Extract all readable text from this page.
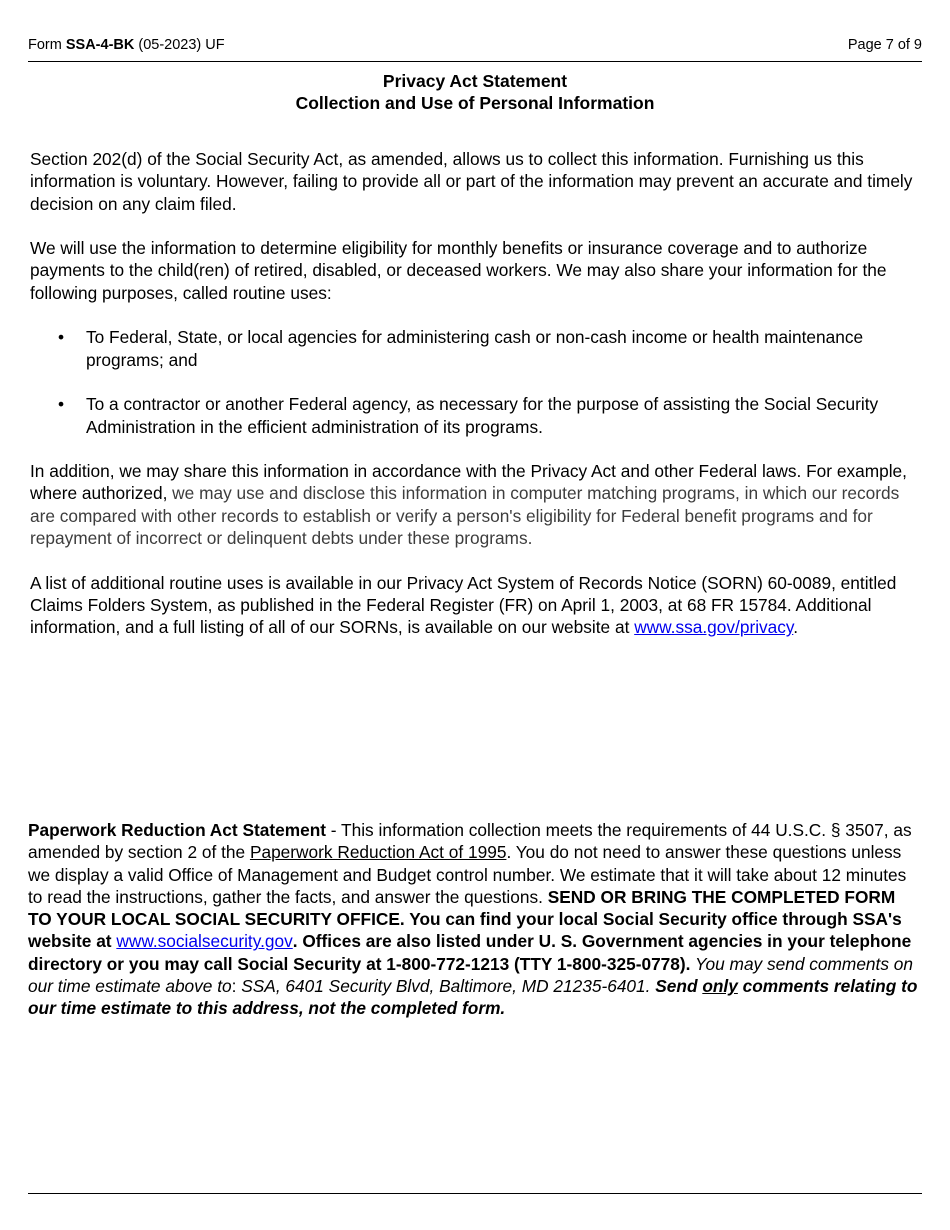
Form SSA-4-BK (05-2023) UF	Page 7 of 9
Privacy Act Statement
Collection and Use of Personal Information

Section 202(d) of the Social Security Act, as amended, allows us to collect this information. Furnishing us this information is voluntary. However, failing to provide all or part of the information may prevent an accurate and timely decision on any claim filed.

We will use the information to determine eligibility for monthly benefits or insurance coverage and to authorize payments to the child(ren) of retired, disabled, or deceased workers. We may also share your information for the following purposes, called routine uses:

• To Federal, State, or local agencies for administering cash or non-cash income or health maintenance programs; and
• To a contractor or another Federal agency, as necessary for the purpose of assisting the Social Security Administration in the efficient administration of its programs.

In addition, we may share this information in accordance with the Privacy Act and other Federal laws. For example, where authorized, we may use and disclose this information in computer matching programs, in which our records are compared with other records to establish or verify a person's eligibility for Federal benefit programs and for repayment of incorrect or delinquent debts under these programs.

A list of additional routine uses is available in our Privacy Act System of Records Notice (SORN) 60-0089, entitled Claims Folders System, as published in the Federal Register (FR) on April 1, 2003, at 68 FR 15784. Additional information, and a full listing of all of our SORNs, is available on our website at www.ssa.gov/privacy.

Paperwork Reduction Act Statement - This information collection meets the requirements of 44 U.S.C. § 3507, as amended by section 2 of the Paperwork Reduction Act of 1995. You do not need to answer these questions unless we display a valid Office of Management and Budget control number. We estimate that it will take about 12 minutes to read the instructions, gather the facts, and answer the questions. SEND OR BRING THE COMPLETED FORM TO YOUR LOCAL SOCIAL SECURITY OFFICE. You can find your local Social Security office through SSA's website at www.socialsecurity.gov. Offices are also listed under U. S. Government agencies in your telephone directory or you may call Social Security at 1-800-772-1213 (TTY 1-800-325-0778). You may send comments on our time estimate above to: SSA, 6401 Security Blvd, Baltimore, MD 21235-6401. Send only comments relating to our time estimate to this address, not the completed form.
